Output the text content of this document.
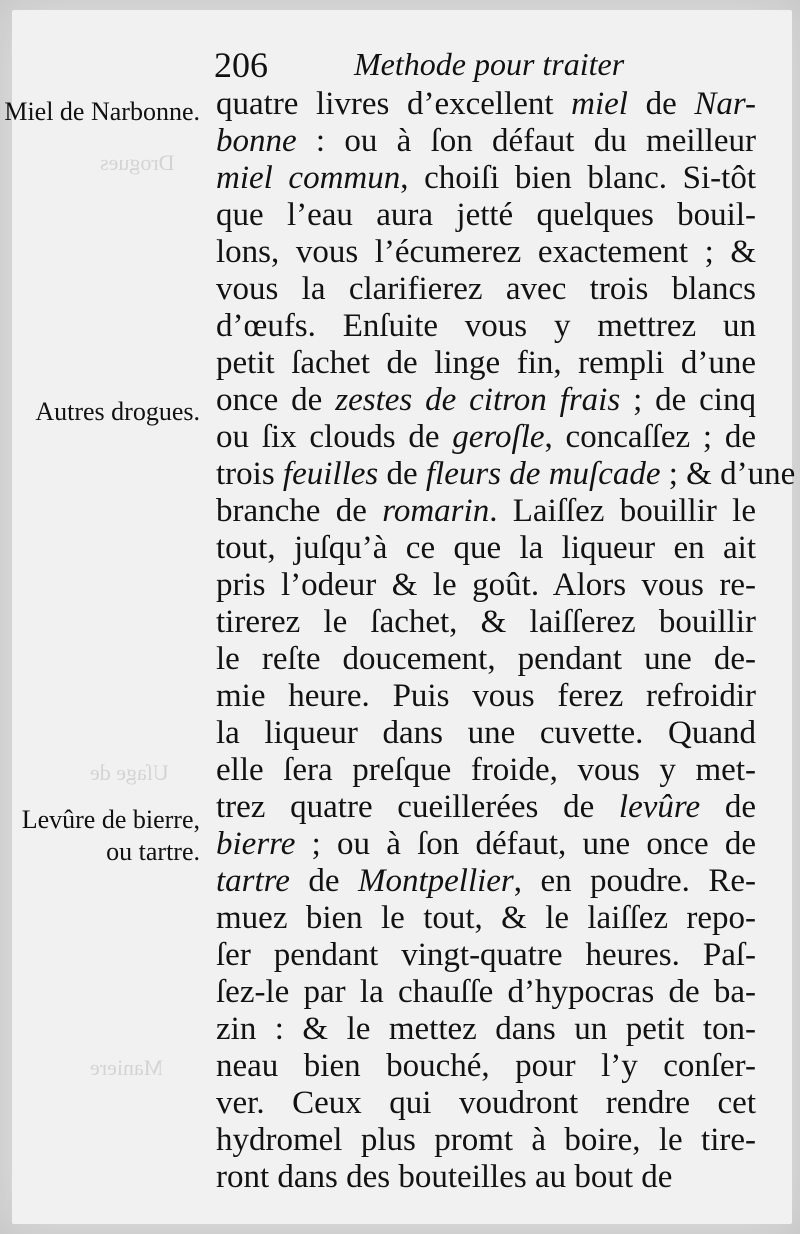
Drogues
Uſage de
Maniere
206	Methode pour traiter
Miel de Narbonne.
Autres drogues.
Levûre de bierre, ou tartre.
quatre livres d’excellent miel de Nar-
bonne : ou à ſon défaut du meilleur
miel commun, choiſi bien blanc. Si-tôt
que l’eau aura jetté quelques bouil-
lons, vous l’écumerez exactement ; &
vous la clarifierez avec trois blancs
d’œufs. Enſuite vous y mettrez un
petit ſachet de linge fin, rempli d’une
once de zestes de citron frais ; de cinq
ou ſix clouds de geroſle, concaſſez ; de
trois feuilles de fleurs de muſcade ; & d’une
branche de romarin. Laiſſez bouillir le
tout, juſqu’à ce que la liqueur en ait
pris l’odeur & le goût. Alors vous re-
tirerez le ſachet, & laiſſerez bouillir
le reſte doucement, pendant une de-
mie heure. Puis vous ferez refroidir
la liqueur dans une cuvette. Quand
elle ſera preſque froide, vous y met-
trez quatre cueillerées de levûre de
bierre ; ou à ſon défaut, une once de
tartre de Montpellier, en poudre. Re-
muez bien le tout, & le laiſſez repo-
ſer pendant vingt-quatre heures. Paſ-
ſez-le par la chauſſe d’hypocras de ba-
zin : & le mettez dans un petit ton-
neau bien bouché, pour l’y conſer-
ver. Ceux qui voudront rendre cet
hydromel plus promt à boire, le tire-
ront dans des bouteilles au bout de
